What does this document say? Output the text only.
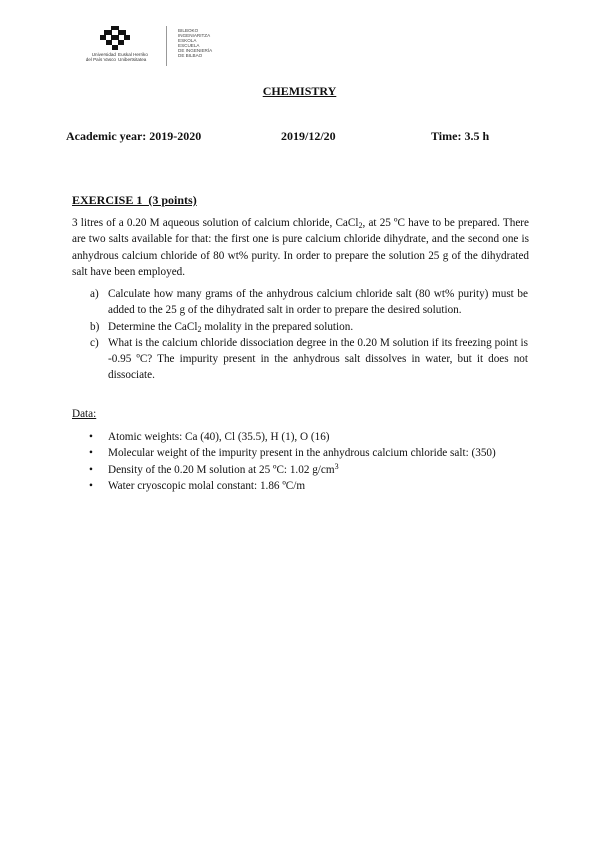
Universidad
del País Vasco
Euskal Herriko
Unibertsitatea
BILBOKO
INGENIARITZA
ESKOLA
ESCUELA
DE INGENIERÍA
DE BILBAO
CHEMISTRY
Academic year: 2019-2020	2019/12/20	Time: 3.5 h
EXERCISE 1  (3 points)
3 litres of a 0.20 M aqueous solution of calcium chloride, CaCl$_2$, at 25 ºC have to be prepared. There are two salts available for that: the first one is pure calcium chloride dihydrate, and the second one is anhydrous calcium chloride of 80 wt% purity. In order to prepare the solution 25 g of the dihydrated salt have been employed.
a) Calculate how many grams of the anhydrous calcium chloride salt (80 wt% purity) must be added to the 25 g of the dihydrated salt in order to prepare the desired solution.
b) Determine the CaCl$_2$ molality in the prepared solution.
c) What is the calcium chloride dissociation degree in the 0.20 M solution if its freezing point is -0.95 ºC? The impurity present in the anhydrous salt dissolves in water, but it does not dissociate.
Data:
• Atomic weights: Ca (40), Cl (35.5), H (1), O (16)
• Molecular weight of the impurity present in the anhydrous calcium chloride salt: (350)
• Density of the 0.20 M solution at 25 ºC: 1.02 $g/cm^3$
• Water cryoscopic molal constant: 1.86 ºC/m
